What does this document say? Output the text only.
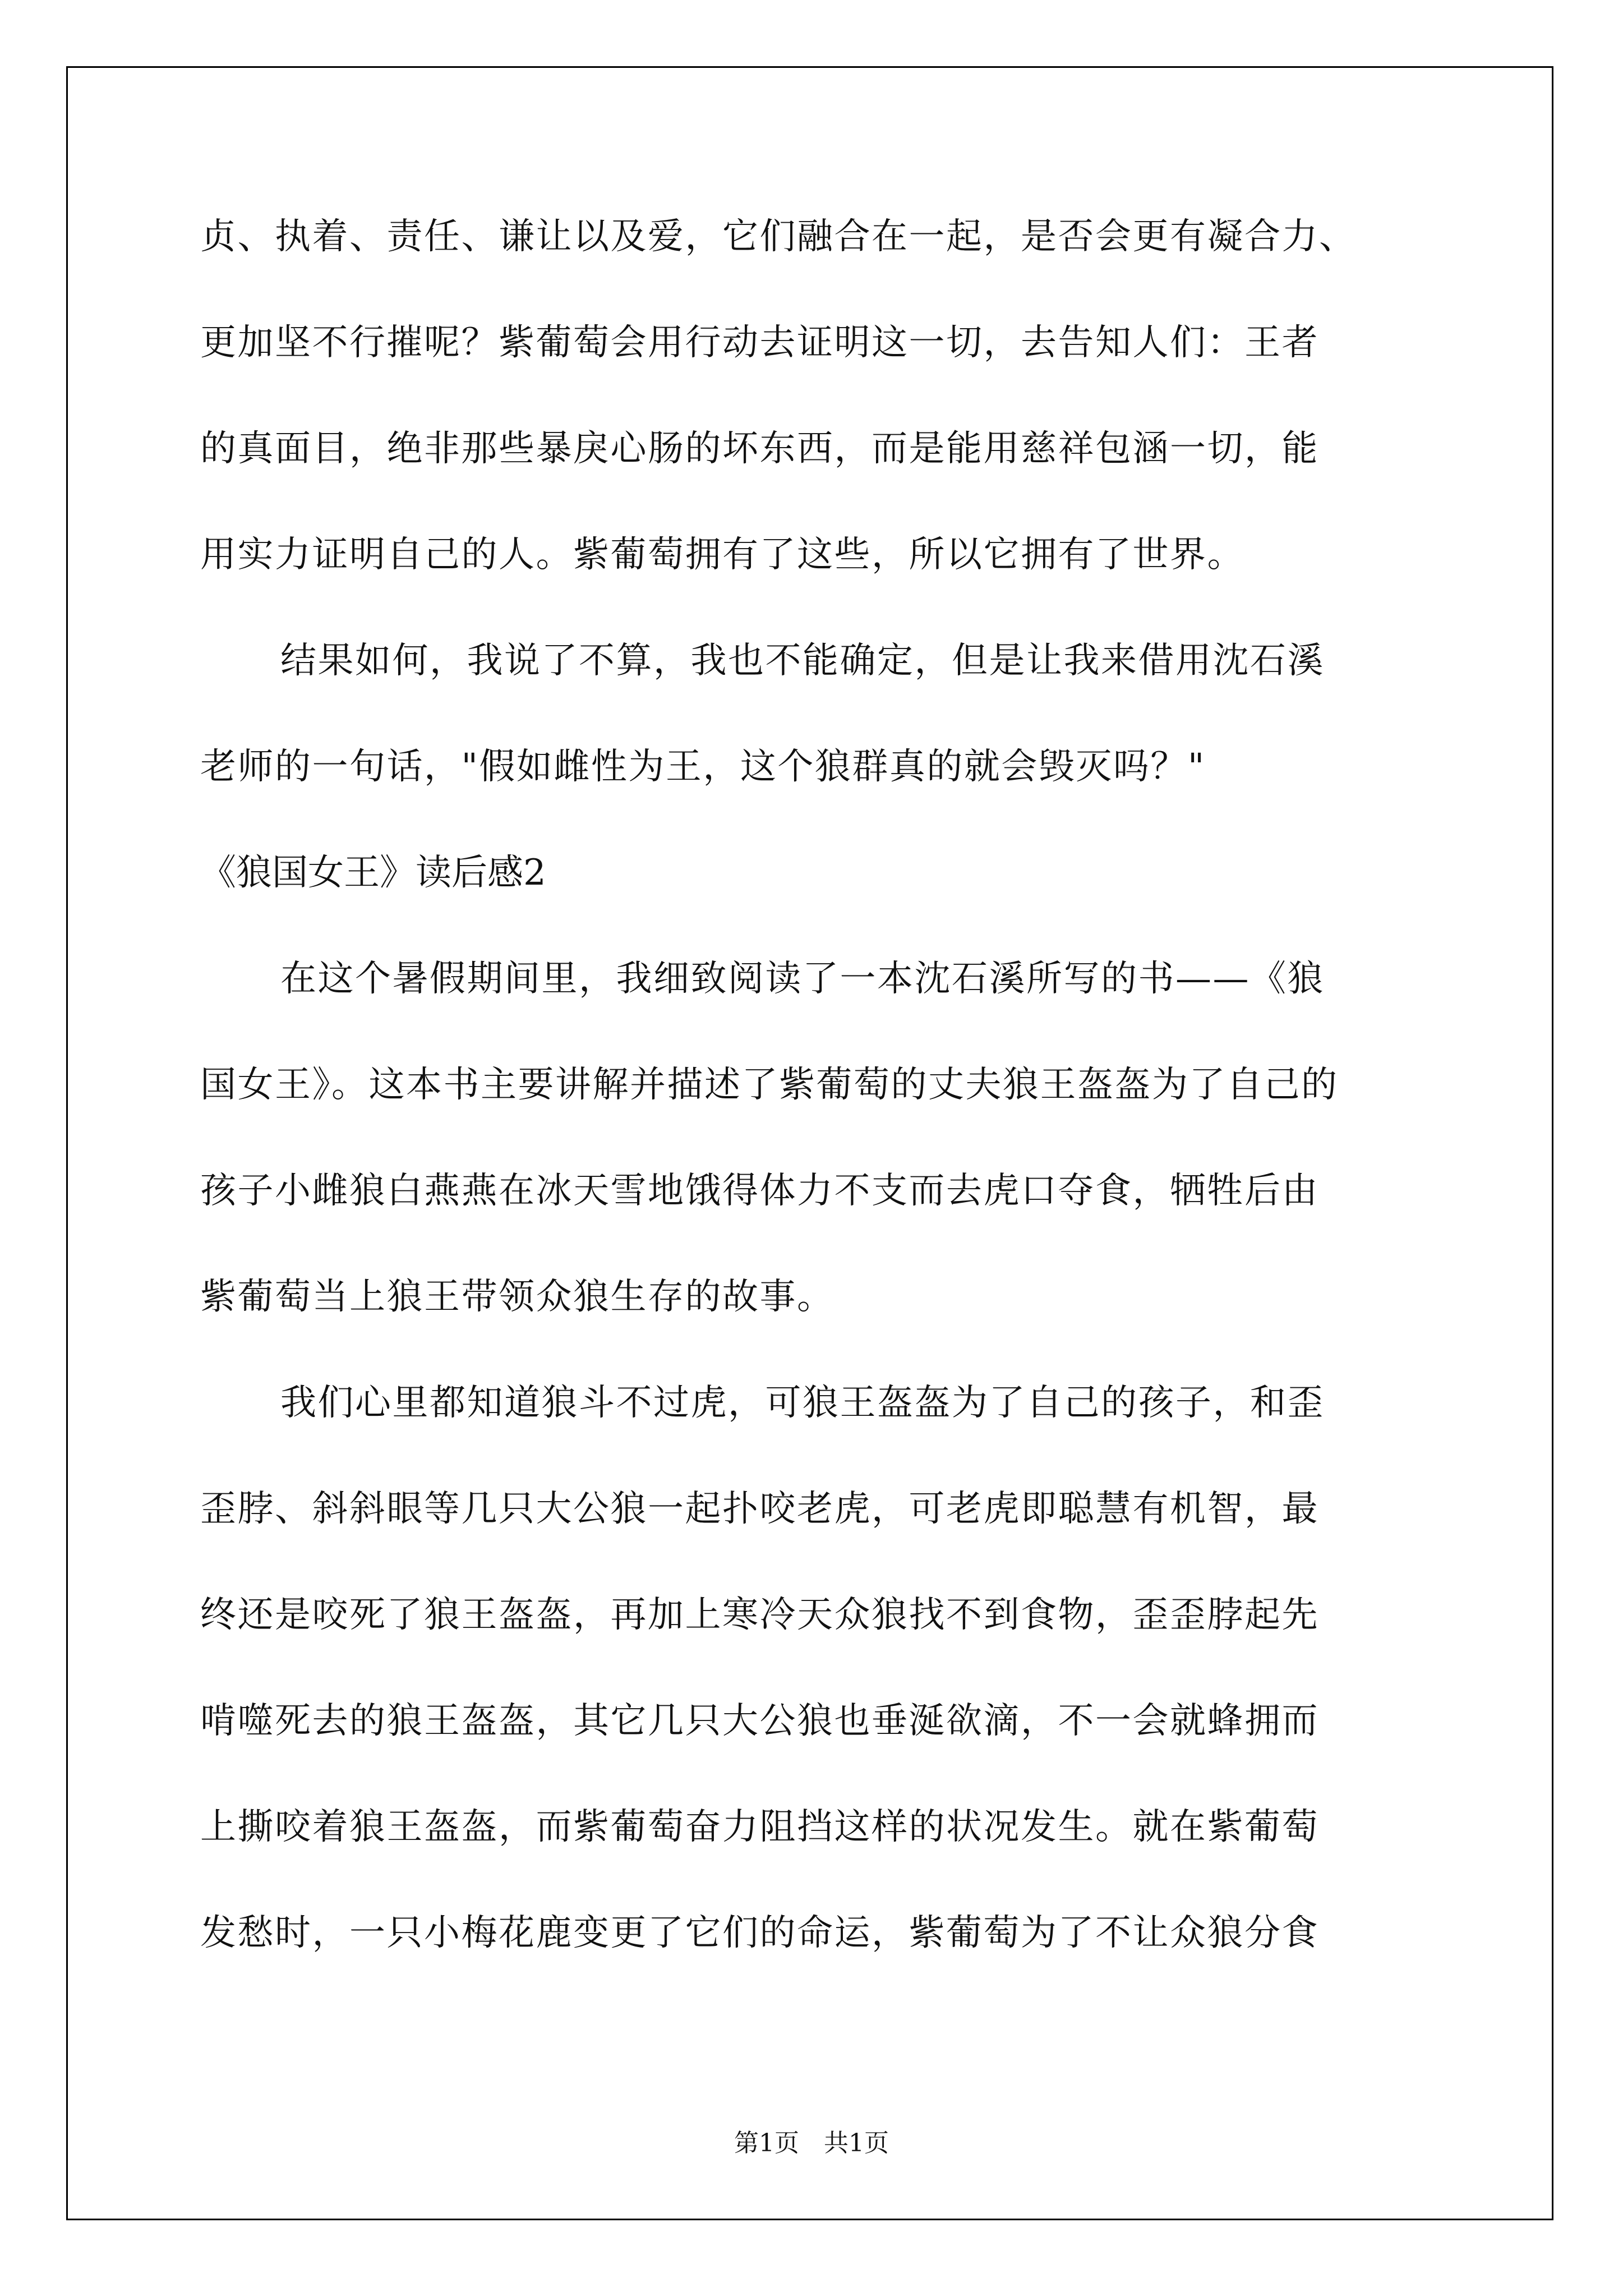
贞、执着、责任、谦让以及爱，它们融合在一起，是否会更有凝合力、
更加坚不行摧呢？紫葡萄会用行动去证明这一切，去告知人们：王者
的真面目，绝非那些暴戾心肠的坏东西，而是能用慈祥包涵一切，能
用实力证明自己的人。紫葡萄拥有了这些，所以它拥有了世界。
结果如何，我说了不算，我也不能确定，但是让我来借用沈石溪
老师的一句话，"假如雌性为王，这个狼群真的就会毁灭吗？"
《狼国女王》读后感2
在这个暑假期间里，我细致阅读了一本沈石溪所写的书——《狼
国女王》。这本书主要讲解并描述了紫葡萄的丈夫狼王盔盔为了自己的
孩子小雌狼白燕燕在冰天雪地饿得体力不支而去虎口夺食，牺牲后由
紫葡萄当上狼王带领众狼生存的故事。
我们心里都知道狼斗不过虎，可狼王盔盔为了自己的孩子，和歪
歪脖、斜斜眼等几只大公狼一起扑咬老虎，可老虎即聪慧有机智，最
终还是咬死了狼王盔盔，再加上寒冷天众狼找不到食物，歪歪脖起先
啃噬死去的狼王盔盔，其它几只大公狼也垂涎欲滴，不一会就蜂拥而
上撕咬着狼王盔盔，而紫葡萄奋力阻挡这样的状况发生。就在紫葡萄
发愁时，一只小梅花鹿变更了它们的命运，紫葡萄为了不让众狼分食
第1页　共1页
